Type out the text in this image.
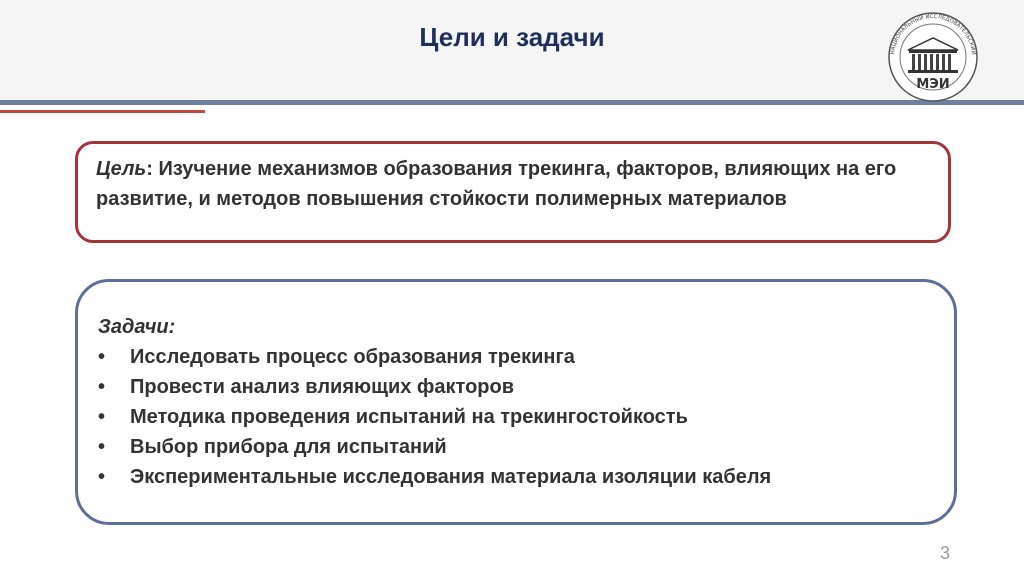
Цели и задачи
НАЦИОНАЛЬНЫЙ ИССЛЕДОВАТЕЛЬСКИЙ
МЭИ
Цель: Изучение механизмов образования трекинга, факторов, влияющих на его развитие, и методов повышения стойкости полимерных материалов
Задачи:
• Исследовать процесс образования трекинга
• Провести анализ влияющих факторов
• Методика проведения испытаний на трекингостойкость
• Выбор прибора для испытаний
• Экспериментальные исследования материала изоляции кабеля
3
